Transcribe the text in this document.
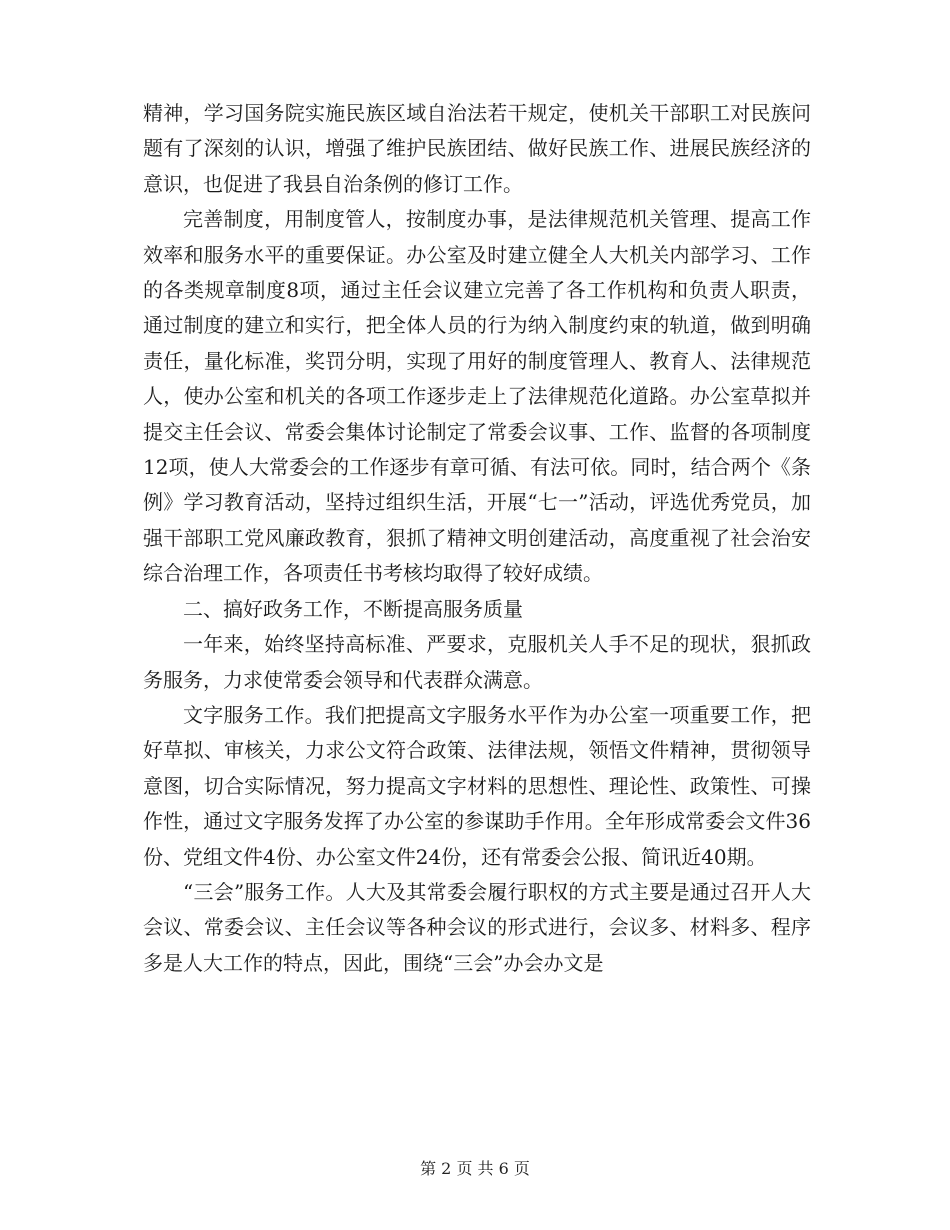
精神，学习国务院实施民族区域自治法若干规定，使机关干部职工对民族问题有了深刻的认识，增强了维护民族团结、做好民族工作、进展民族经济的意识，也促进了我县自治条例的修订工作。

完善制度，用制度管人，按制度办事，是法律规范机关管理、提高工作效率和服务水平的重要保证。办公室及时建立健全人大机关内部学习、工作的各类规章制度8项，通过主任会议建立完善了各工作机构和负责人职责，通过制度的建立和实行，把全体人员的行为纳入制度约束的轨道，做到明确责任，量化标准，奖罚分明，实现了用好的制度管理人、教育人、法律规范人，使办公室和机关的各项工作逐步走上了法律规范化道路。办公室草拟并提交主任会议、常委会集体讨论制定了常委会议事、工作、监督的各项制度12项，使人大常委会的工作逐步有章可循、有法可依。同时，结合两个《条例》学习教育活动，坚持过组织生活，开展“七一”活动，评选优秀党员，加强干部职工党风廉政教育，狠抓了精神文明创建活动，高度重视了社会治安综合治理工作，各项责任书考核均取得了较好成绩。

二、搞好政务工作，不断提高服务质量

一年来，始终坚持高标准、严要求，克服机关人手不足的现状，狠抓政务服务，力求使常委会领导和代表群众满意。

文字服务工作。我们把提高文字服务水平作为办公室一项重要工作，把好草拟、审核关，力求公文符合政策、法律法规，领悟文件精神，贯彻领导意图，切合实际情况，努力提高文字材料的思想性、理论性、政策性、可操作性，通过文字服务发挥了办公室的参谋助手作用。全年形成常委会文件36份、党组文件4份、办公室文件24份，还有常委会公报、简讯近40期。

“三会”服务工作。人大及其常委会履行职权的方式主要是通过召开人大会议、常委会议、主任会议等各种会议的形式进行，会议多、材料多、程序多是人大工作的特点，因此，围绕“三会”办会办文是

第 2 页 共 6 页
